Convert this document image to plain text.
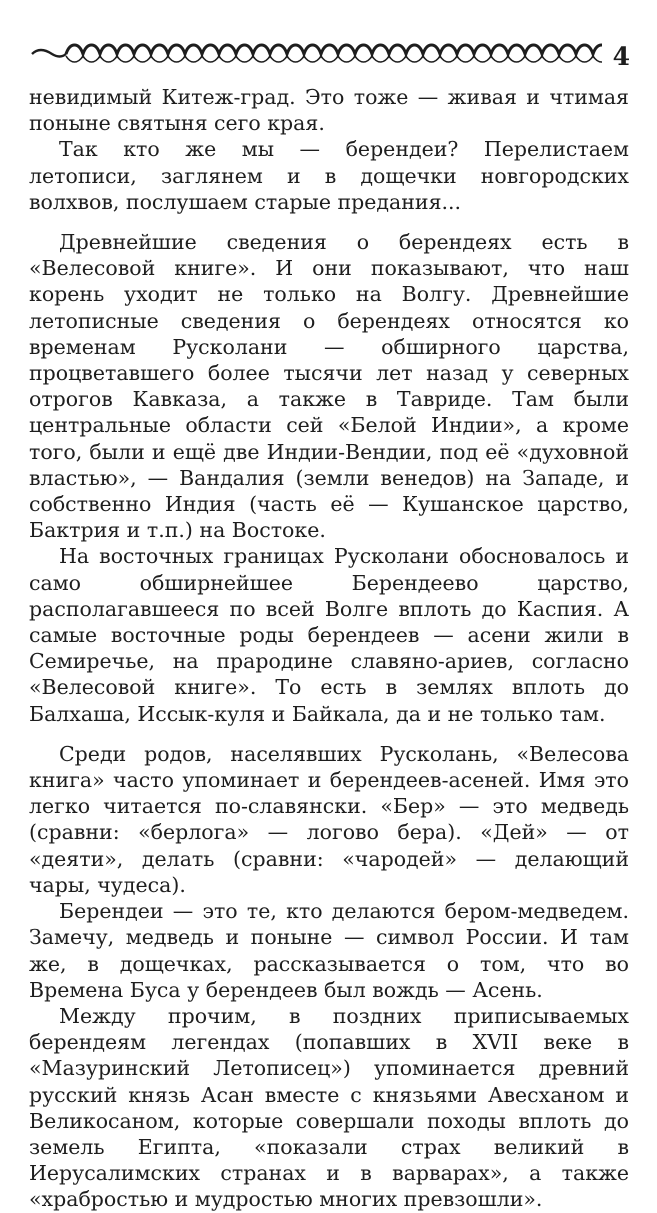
4

невидимый Китеж-град. Это тоже — живая и чтимая поныне святыня сего края.

Так кто же мы — берендеи? Перелистаем летописи, заглянем и в дощечки новгородских волхвов, послушаем старые предания...

Древнейшие сведения о берендеях есть в «Велесовой книге». И они показывают, что наш корень уходит не только на Волгу. Древнейшие летописные сведения о берендеях относятся ко временам Русколани — обширного царства, процветавшего более тысячи лет назад у северных отрогов Кавказа, а также в Тавриде. Там были центральные области сей «Белой Индии», а кроме того, были и ещё две Индии-Вендии, под её «духовной властью», — Вандалия (земли венедов) на Западе, и собственно Индия (часть её — Кушанское царство, Бактрия и т.п.) на Востоке.

На восточных границах Русколани обосновалось и само обширнейшее Берендеево царство, располагавшееся по всей Волге вплоть до Каспия. А самые восточные роды берендеев — асени жили в Семиречье, на прародине славяно-ариев, согласно «Велесовой книге». То есть в землях вплоть до Балхаша, Иссык-куля и Байкала, да и не только там.

Среди родов, населявших Русколань, «Велесова книга» часто упоминает и берендеев-асеней. Имя это легко читается по-славянски. «Бер» — это медведь (сравни: «берлога» — логово бера). «Дей» — от «деяти», делать (сравни: «чародей» — делающий чары, чудеса).

Берендеи — это те, кто делаются бером-медведем. Замечу, медведь и поныне — символ России. И там же, в дощечках, рассказывается о том, что во Времена Буса у берендеев был вождь — Асень.

Между прочим, в поздних приписываемых берендеям легендах (попавших в XVII веке в «Мазуринский Летописец») упоминается древний русский князь Асан вместе с князьями Авесханом и Великосаном, которые совершали походы вплоть до земель Египта, «показали страх великий в Иерусалимских странах и в варварах», а также «храбростью и мудростью многих превзошли».
